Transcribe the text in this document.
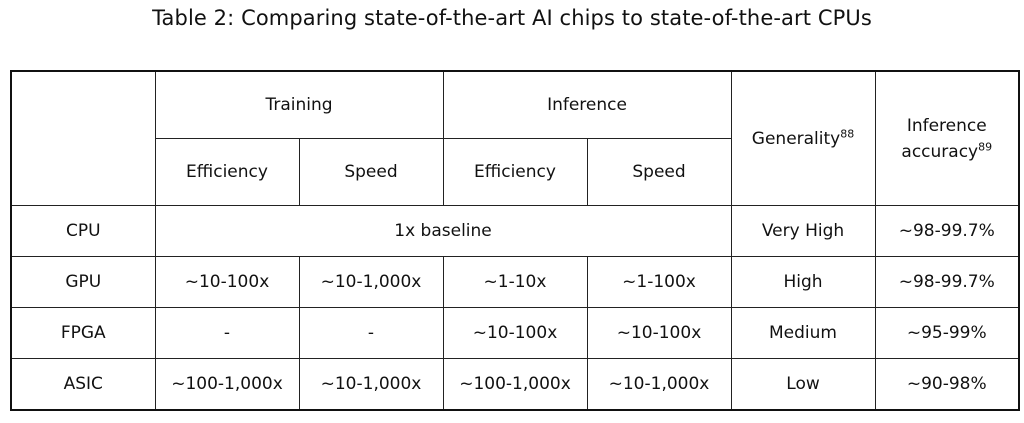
Table 2: Comparing state-of-the-art AI chips to state-of-the-art CPUs
	Training		Inference		Generality$^{88}$	Inference
accuracy$^{89}$
	Efficiency	Speed	Efficiency	Speed		
CPU	1x baseline				Very High	~98-99.7%
GPU	~10-100x	~10-1,000x	~1-10x	~1-100x	High	~98-99.7%
FPGA	-	-	~10-100x	~10-100x	Medium	~95-99%
ASIC	~100-1,000x	~10-1,000x	~100-1,000x	~10-1,000x	Low	~90-98%
